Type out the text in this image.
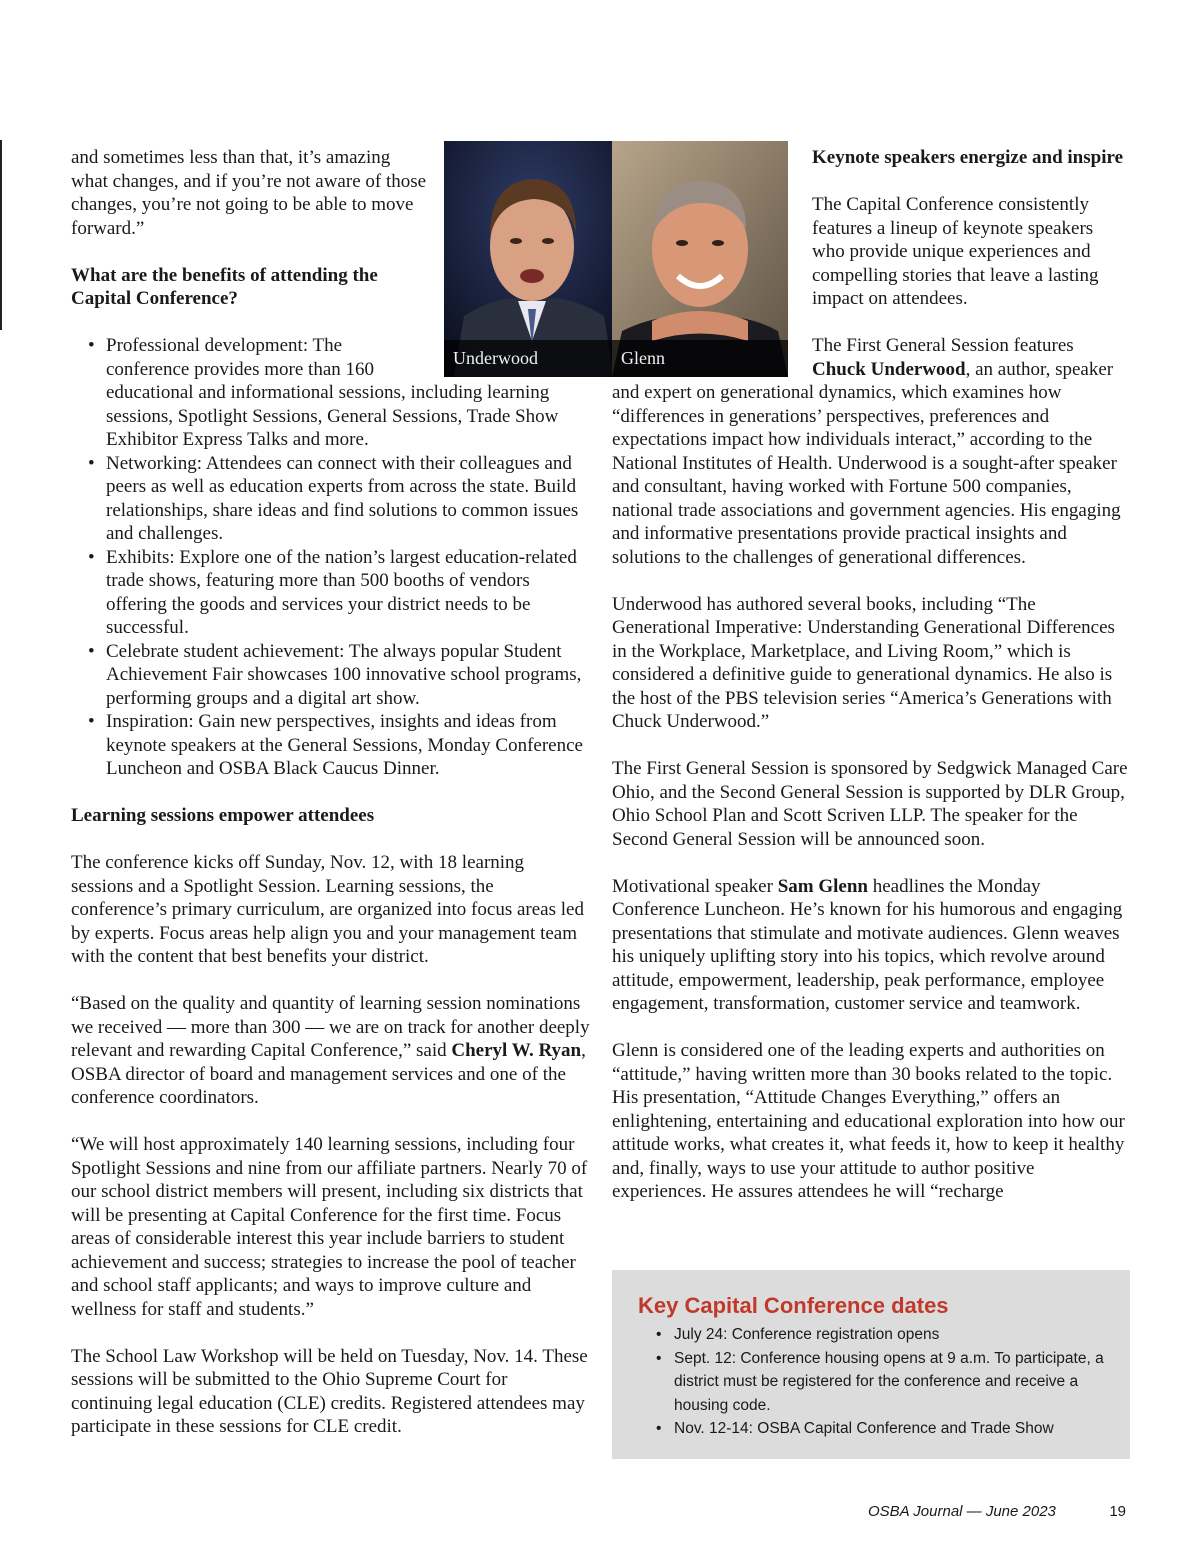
Underwood

and sometimes less than that, it’s amazing what changes, and if you’re not aware of those changes, you’re not going to be able to move forward.”

What are the benefits of attending the Capital Conference?

• Professional development: The conference provides more than 160 educational and informational sessions, including learning sessions, Spotlight Sessions, General Sessions, Trade Show Exhibitor Express Talks and more.
• Networking: Attendees can connect with their colleagues and peers as well as education experts from across the state. Build relationships, share ideas and find solutions to common issues and challenges.
• Exhibits: Explore one of the nation’s largest education-related trade shows, featuring more than 500 booths of vendors offering the goods and services your district needs to be successful.
• Celebrate student achievement: The always popular Student Achievement Fair showcases 100 innovative school programs, performing groups and a digital art show.
• Inspiration: Gain new perspectives, insights and ideas from keynote speakers at the General Sessions, Monday Conference Luncheon and OSBA Black Caucus Dinner.

Learning sessions empower attendees

The conference kicks off Sunday, Nov. 12, with 18 learning sessions and a Spotlight Session. Learning sessions, the conference’s primary curriculum, are organized into focus areas led by experts. Focus areas help align you and your management team with the content that best benefits your district.

“Based on the quality and quantity of learning session nominations we received — more than 300 — we are on track for another deeply relevant and rewarding Capital Conference,” said Cheryl W. Ryan, OSBA director of board and management services and one of the conference coordinators.

“We will host approximately 140 learning sessions, including four Spotlight Sessions and nine from our affiliate partners. Nearly 70 of our school district members will present, including six districts that will be presenting at Capital Conference for the first time. Focus areas of considerable interest this year include barriers to student achievement and success; strategies to increase the pool of teacher and school staff applicants; and ways to improve culture and wellness for staff and students.”

The School Law Workshop will be held on Tuesday, Nov. 14. These sessions will be submitted to the Ohio Supreme Court for continuing legal education (CLE) credits. Registered attendees may participate in these sessions for CLE credit.

Glenn

Keynote speakers energize and inspire

The Capital Conference consistently features a lineup of keynote speakers who provide unique experiences and compelling stories that leave a lasting impact on attendees.

The First General Session features Chuck Underwood, an author, speaker and expert on generational dynamics, which examines how “differences in generations’ perspectives, preferences and expectations impact how individuals interact,” according to the National Institutes of Health. Underwood is a sought-after speaker and consultant, having worked with Fortune 500 companies, national trade associations and government agencies. His engaging and informative presentations provide practical insights and solutions to the challenges of generational differences.

Underwood has authored several books, including “The Generational Imperative: Understanding Generational Differences in the Workplace, Marketplace, and Living Room,” which is considered a definitive guide to generational dynamics. He also is the host of the PBS television series “America’s Generations with Chuck Underwood.”

The First General Session is sponsored by Sedgwick Managed Care Ohio, and the Second General Session is supported by DLR Group, Ohio School Plan and Scott Scriven LLP. The speaker for the Second General Session will be announced soon.

Motivational speaker Sam Glenn headlines the Monday Conference Luncheon. He’s known for his humorous and engaging presentations that stimulate and motivate audiences. Glenn weaves his uniquely uplifting story into his topics, which revolve around attitude, empowerment, leadership, peak performance, employee engagement, transformation, customer service and teamwork.

Glenn is considered one of the leading experts and authorities on “attitude,” having written more than 30 books related to the topic. His presentation, “Attitude Changes Everything,” offers an enlightening, entertaining and educational exploration into how our attitude works, what creates it, what feeds it, how to keep it healthy and, finally, ways to use your attitude to author positive experiences. He assures attendees he will “recharge

Key Capital Conference dates
• July 24: Conference registration opens
• Sept. 12: Conference housing opens at 9 a.m. To participate, a district must be registered for the conference and receive a housing code.
• Nov. 12-14: OSBA Capital Conference and Trade Show
OSBA Journal — June 2023	19
